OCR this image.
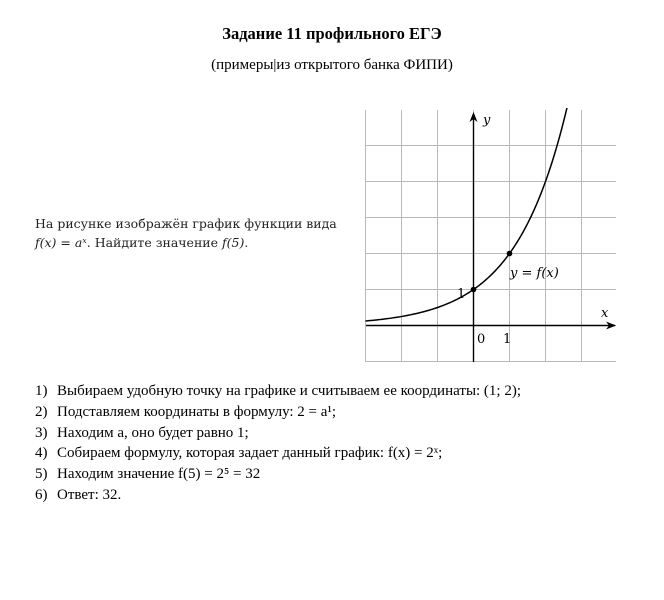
Задание 11 профильного ЕГЭ
(примеры|из открытого банка ФИПИ)
На рисунке изображён график функции вида
f(x) = aˣ. Найдите значение f(5).
y
x
0 1
1
y = f(x)
1) Выбираем удобную точку на графике и считываем ее координаты: (1; 2);
2) Подставляем координаты в формулу: 2 = a¹;
3) Находим a, оно будет равно 1;
4) Собираем формулу, которая задает данный график: f(x) = 2ˣ;
5) Находим значение f(5) = 2⁵ = 32
6) Ответ: 32.
